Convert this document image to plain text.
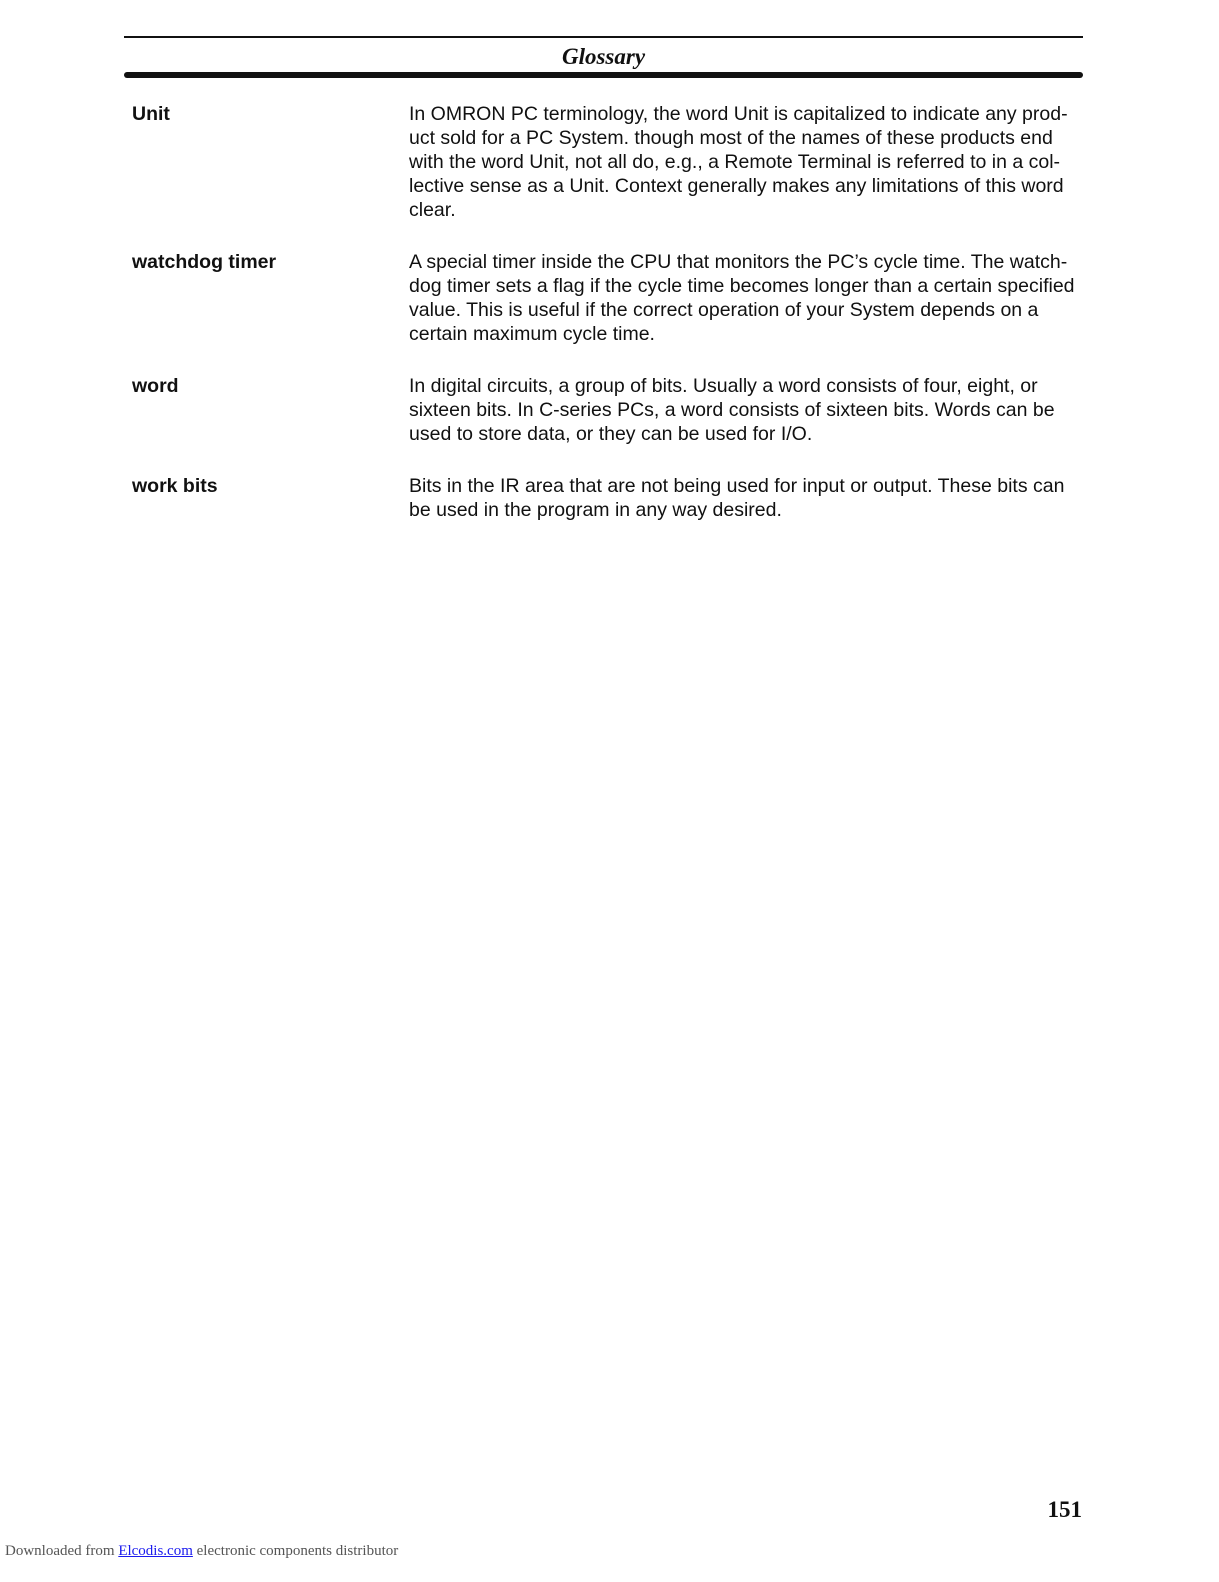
Glossary
Unit	In OMRON PC terminology, the word Unit is capitalized to indicate any prod-
uct sold for a PC System. though most of the names of these products end
with the word Unit, not all do, e.g., a Remote Terminal is referred to in a col-
lective sense as a Unit. Context generally makes any limitations of this word
clear.
watchdog timer	A special timer inside the CPU that monitors the PC’s cycle time. The watch-
dog timer sets a flag if the cycle time becomes longer than a certain specified
value. This is useful if the correct operation of your System depends on a
certain maximum cycle time.
word	In digital circuits, a group of bits. Usually a word consists of four, eight, or
sixteen bits. In C-series PCs, a word consists of sixteen bits. Words can be
used to store data, or they can be used for I/O.
work bits	Bits in the IR area that are not being used for input or output. These bits can
be used in the program in any way desired.
151
Downloaded from Elcodis.com electronic components distributor
